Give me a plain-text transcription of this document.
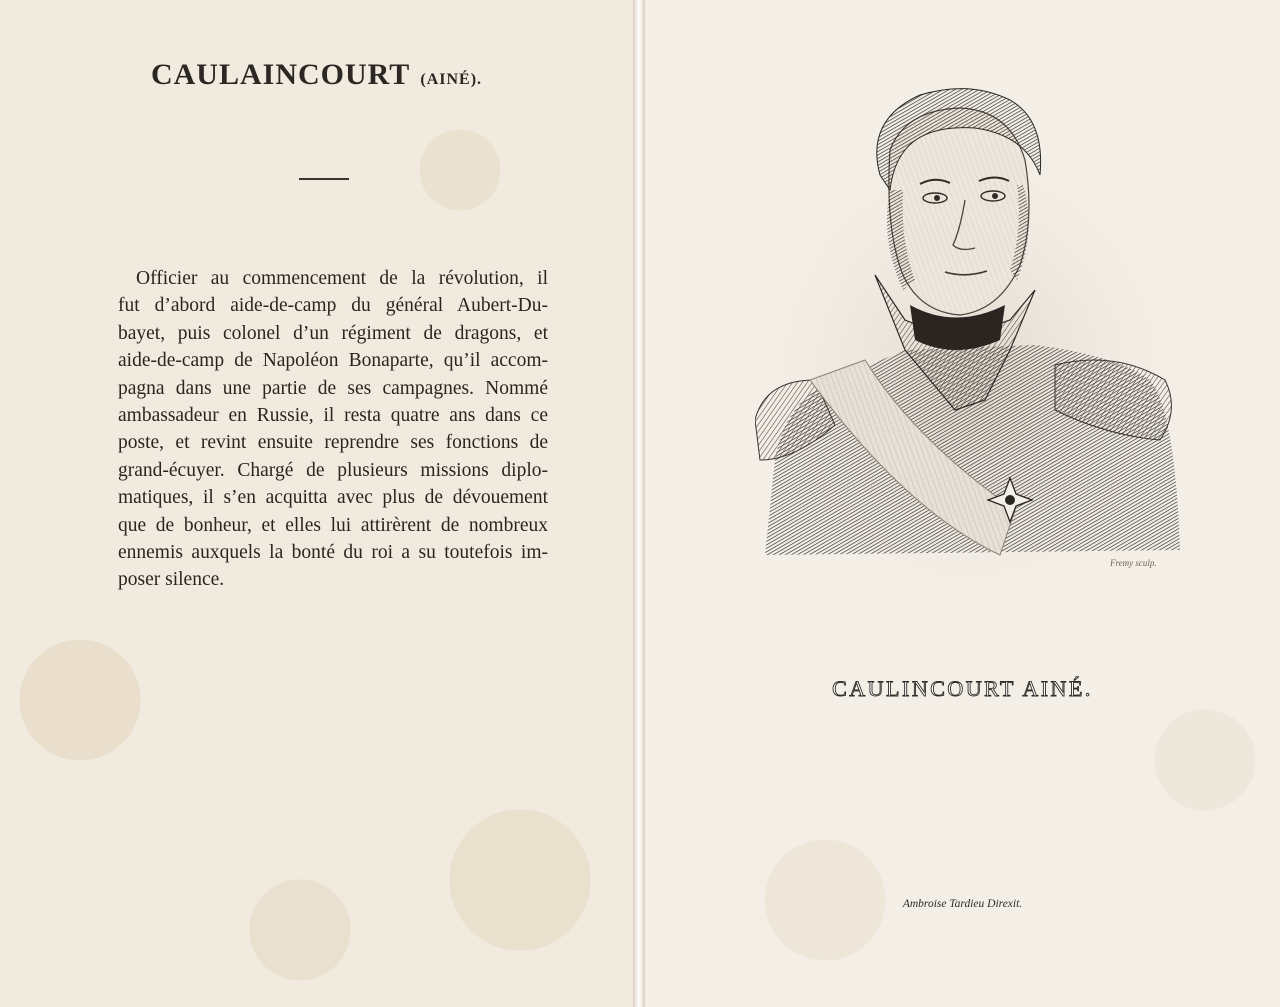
CAULAINCOURT (AINÉ).
Officier au commencement de la révolution, il
fut d’abord aide-de-camp du général Aubert-Du-
bayet, puis colonel d’un régiment de dragons, et
aide-de-camp de Napoléon Bonaparte, qu’il accom-
pagna dans une partie de ses campagnes. Nommé
ambassadeur en Russie, il resta quatre ans dans ce
poste, et revint ensuite reprendre ses fonctions de
grand-écuyer. Chargé de plusieurs missions diplo-
matiques, il s’en acquitta avec plus de dévouement
que de bonheur, et elles lui attirèrent de nombreux
ennemis auxquels la bonté du roi a su toutefois im-
poser silence.
Fremy sculp.
CAULINCOURT AINÉ.
Ambroise Tardieu Direxit.
